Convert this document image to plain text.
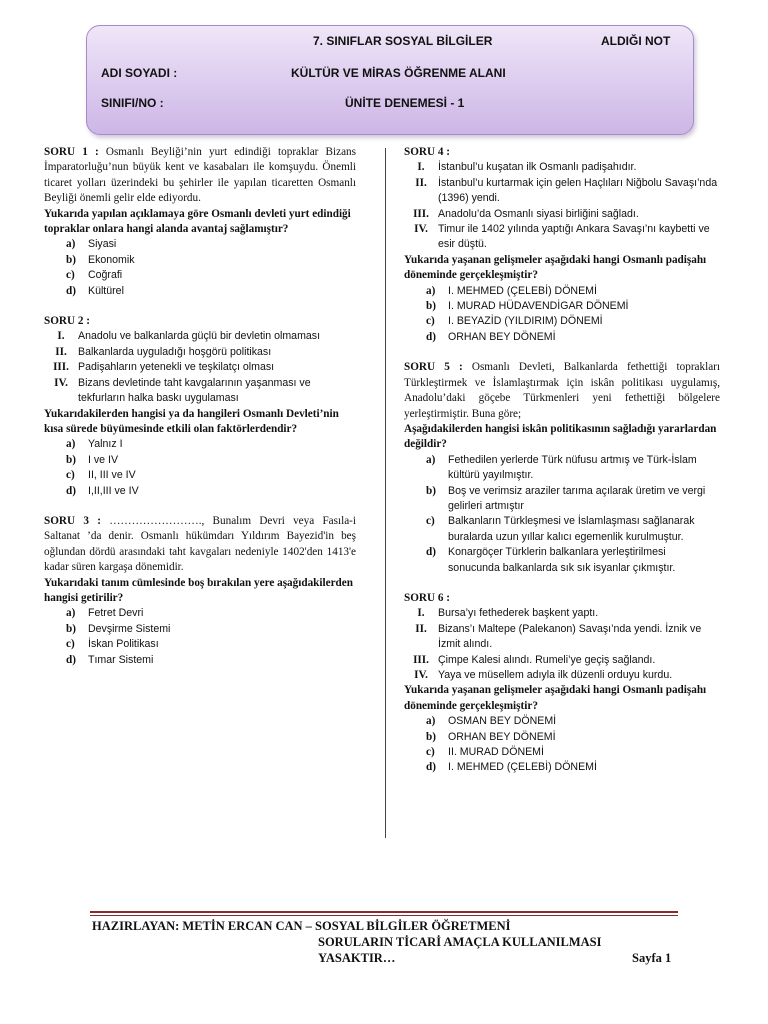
7. SINIFLAR SOSYAL BİLGİLER	ALDIĞI NOT
ADI SOYADI :	KÜLTÜR VE MİRAS ÖĞRENME ALANI
SINIFI/NO :	ÜNİTE DENEMESİ - 1
SORU 1 : Osmanlı Beyliği’nin yurt edindiği topraklar Bizans İmparatorluğu’nun büyük kent ve kasabaları ile komşuydu. Önemli ticaret yolları üzerindeki bu şehirler ile yapılan ticaretten Osmanlı Beyliği önemli gelir elde ediyordu.
Yukarıda yapılan açıklamaya göre Osmanlı devleti yurt edindiği topraklar onlara hangi alanda avantaj sağlamıştır?
a)	Siyasi
b)	Ekonomik
c)	Coğrafi
d)	Kültürel
SORU 2 :
I.	Anadolu ve balkanlarda güçlü bir devletin olmaması
II.	Balkanlarda uyguladığı hoşgörü politikası
III. Padişahların yetenekli ve teşkilatçı olması
IV. Bizans devletinde taht kavgalarının yaşanması ve tekfurların halka baskı uygulaması
Yukarıdakilerden hangisi ya da hangileri Osmanlı Devleti’nin kısa sürede büyümesinde etkili olan faktörlerdendir?
a)	Yalnız I
b)	I ve IV
c)	II, III ve IV
d)	I,II,III ve IV
SORU 3 : ……………………., Bunalım Devri veya Fasıla-i Saltanat ’da denir. Osmanlı hükümdarı Yıldırım Bayezid'in beş oğlundan dördü arasındaki taht kavgaları nedeniyle 1402'den 1413'e kadar süren kargaşa dönemidir.
Yukarıdaki tanım cümlesinde boş bırakılan yere aşağıdakilerden hangisi getirilir?
a)	Fetret Devri
b)	Devşirme Sistemi
c)	İskan Politikası
d)	Tımar Sistemi
SORU 4 :
I.	İstanbul’u kuşatan ilk Osmanlı padişahıdır.
II.	İstanbul’u kurtarmak için gelen Haçlıları Niğbolu Savaşı’nda (1396) yendi.
III. Anadolu’da Osmanlı siyasi birliğini sağladı.
IV. Timur ile 1402 yılında yaptığı Ankara Savaşı’nı kaybetti ve esir düştü.
Yukarıda yaşanan gelişmeler aşağıdaki hangi Osmanlı padişahı döneminde gerçekleşmiştir?
a)	I. MEHMED (ÇELEBİ) DÖNEMİ
b)	I. MURAD HÜDAVENDİGAR DÖNEMİ
c)	I. BEYAZİD (YILDIRIM) DÖNEMİ
d)	ORHAN BEY DÖNEMİ
SORU 5 : Osmanlı Devleti, Balkanlarda fethettiği toprakları Türkleştirmek ve İslamlaştırmak için iskân politikası uygulamış, Anadolu’daki göçebe Türkmenleri yeni fethettiği bölgelere yerleştirmiştir. Buna göre;
Aşağıdakilerden hangisi iskân politikasının sağladığı yararlardan değildir?
a)	Fethedilen yerlerde Türk nüfusu artmış ve Türk-İslam kültürü yayılmıştır.
b)	Boş ve verimsiz araziler tarıma açılarak üretim ve vergi gelirleri artmıştır
c)	Balkanların Türkleşmesi ve İslamlaşması sağlanarak buralarda uzun yıllar kalıcı egemenlik kurulmuştur.
d)	Konargöçer Türklerin balkanlara yerleştirilmesi sonucunda balkanlarda sık sık isyanlar çıkmıştır.
SORU 6 :
I.	Bursa’yı fethederek başkent yaptı.
II.	Bizans’ı Maltepe (Palekanon) Savaşı’nda yendi. İznik ve İzmit alındı.
III. Çimpe Kalesi alındı. Rumeli’ye geçiş sağlandı.
IV. Yaya ve müsellem adıyla ilk düzenli orduyu kurdu.
Yukarıda yaşanan gelişmeler aşağıdaki hangi Osmanlı padişahı döneminde gerçekleşmiştir?
a)	OSMAN BEY DÖNEMİ
b)	ORHAN BEY DÖNEMİ
c)	II. MURAD DÖNEMİ
d)	I. MEHMED (ÇELEBİ) DÖNEMİ
HAZIRLAYAN: METİN ERCAN CAN – SOSYAL BİLGİLER ÖĞRETMENİ
SORULARIN TİCARİ AMAÇLA KULLANILMASI
YASAKTIR…	Sayfa 1
